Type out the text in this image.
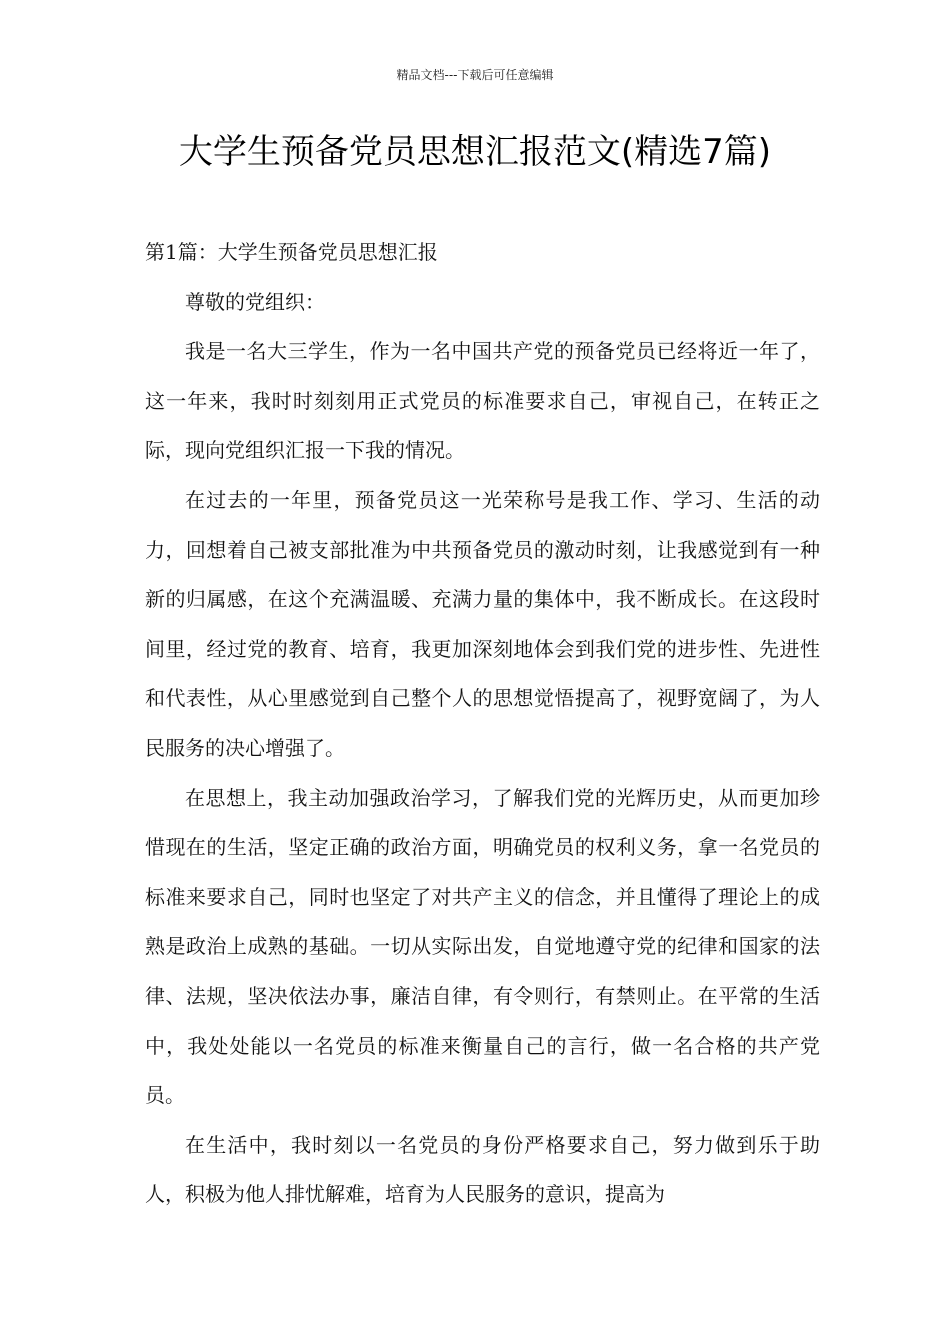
精品文档---下载后可任意编辑
大学生预备党员思想汇报范文(精选7篇)

第1篇：大学生预备党员思想汇报

尊敬的党组织：

我是一名大三学生，作为一名中国共产党的预备党员已经将近一年了，这一年来，我时时刻刻用正式党员的标准要求自己，审视自己，在转正之际，现向党组织汇报一下我的情况。

在过去的一年里，预备党员这一光荣称号是我工作、学习、生活的动力，回想着自己被支部批准为中共预备党员的激动时刻，让我感觉到有一种新的归属感，在这个充满温暖、充满力量的集体中，我不断成长。在这段时间里，经过党的教育、培育，我更加深刻地体会到我们党的进步性、先进性和代表性，从心里感觉到自己整个人的思想觉悟提高了，视野宽阔了，为人民服务的决心增强了。

在思想上，我主动加强政治学习，了解我们党的光辉历史，从而更加珍惜现在的生活，坚定正确的政治方面，明确党员的权利义务，拿一名党员的标准来要求自己，同时也坚定了对共产主义的信念，并且懂得了理论上的成熟是政治上成熟的基础。一切从实际出发，自觉地遵守党的纪律和国家的法律、法规，坚决依法办事，廉洁自律，有令则行，有禁则止。在平常的生活中，我处处能以一名党员的标准来衡量自己的言行，做一名合格的共产党员。

在生活中，我时刻以一名党员的身份严格要求自己，努力做到乐于助人，积极为他人排忧解难，培育为人民服务的意识，提高为
